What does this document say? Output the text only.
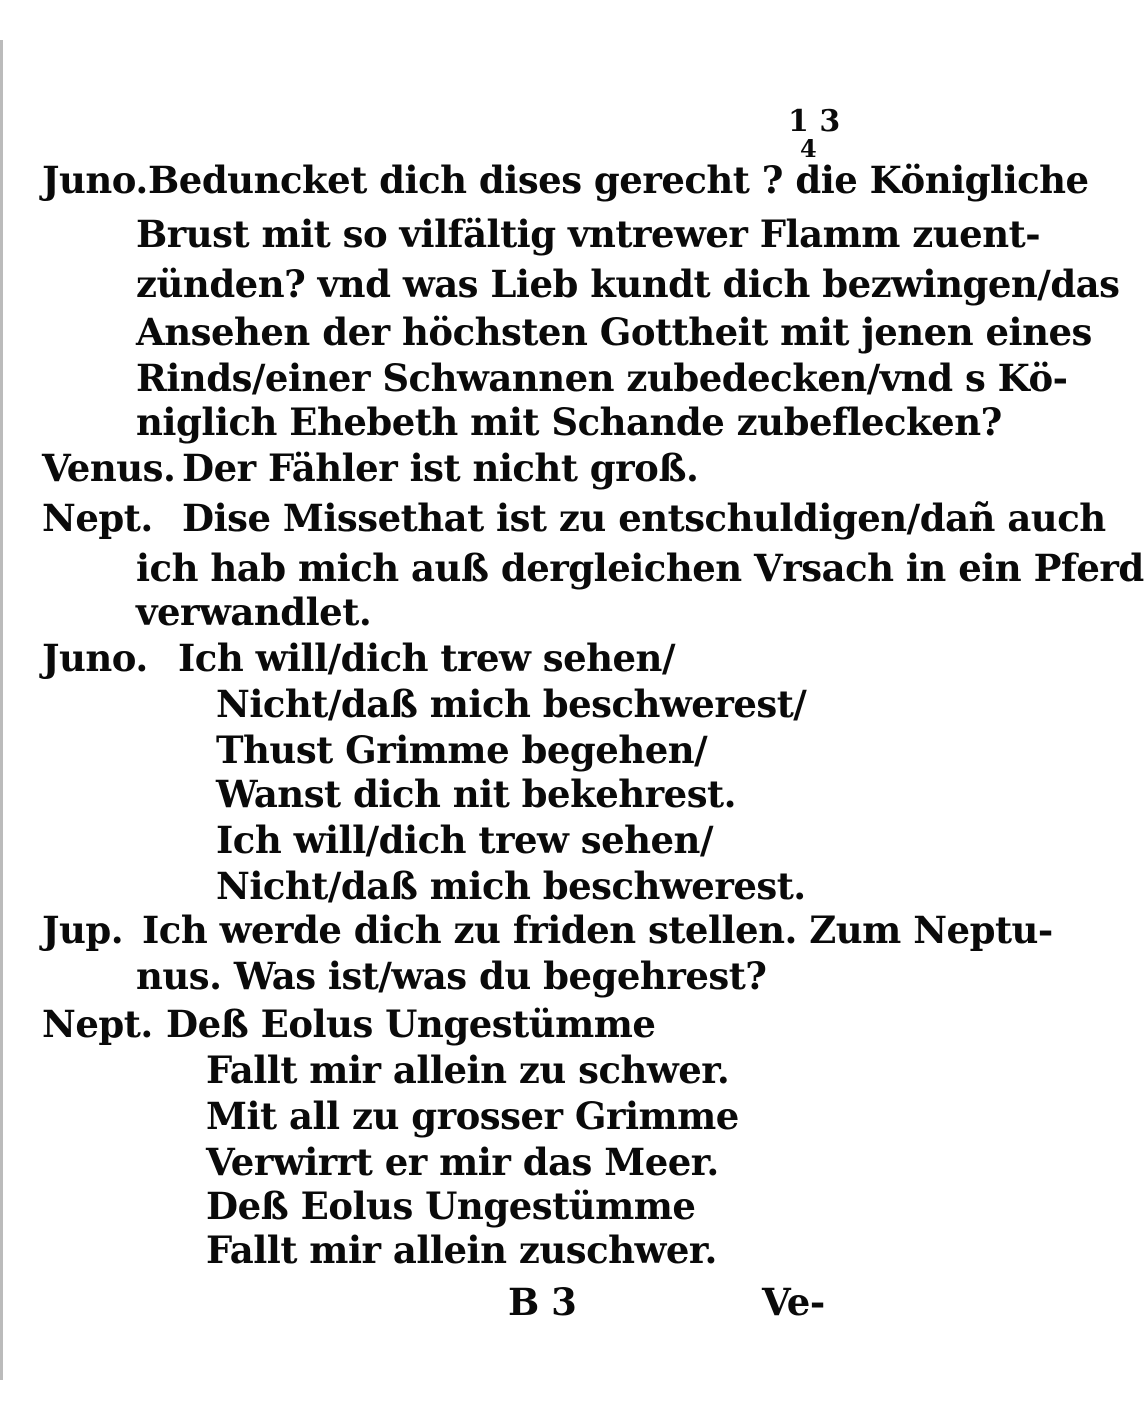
1 3
4
Juno.Beduncket dich dises gerecht ? die Königliche
Brust mit so vilfältig vntrewer Flamm zuent-
zünden? vnd was Lieb kundt dich bezwingen/das
Ansehen der höchsten Gottheit mit jenen eines
Rinds/einer Schwannen zubedecken/vnd s Kö-
niglich Ehebeth mit Schande zubeflecken?
Venus. Der Fähler ist nicht groß.
Nept. Dise Missethat ist zu entschuldigen/dañ auch
ich hab mich auß dergleichen Vrsach in ein Pferd
verwandlet.
Juno. Ich will/dich trew sehen/
Nicht/daß mich beschwerest/
Thust Grimme begehen/
Wanst dich nit bekehrest.
Ich will/dich trew sehen/
Nicht/daß mich beschwerest.
Jup. Ich werde dich zu friden stellen. Zum Neptu-
nus. Was ist/was du begehrest?
Nept. Deß Eolus Ungestümme
Fallt mir allein zu schwer.
Mit all zu grosser Grimme
Verwirrt er mir das Meer.
Deß Eolus Ungestümme
Fallt mir allein zuschwer.
B 3	Ve-
